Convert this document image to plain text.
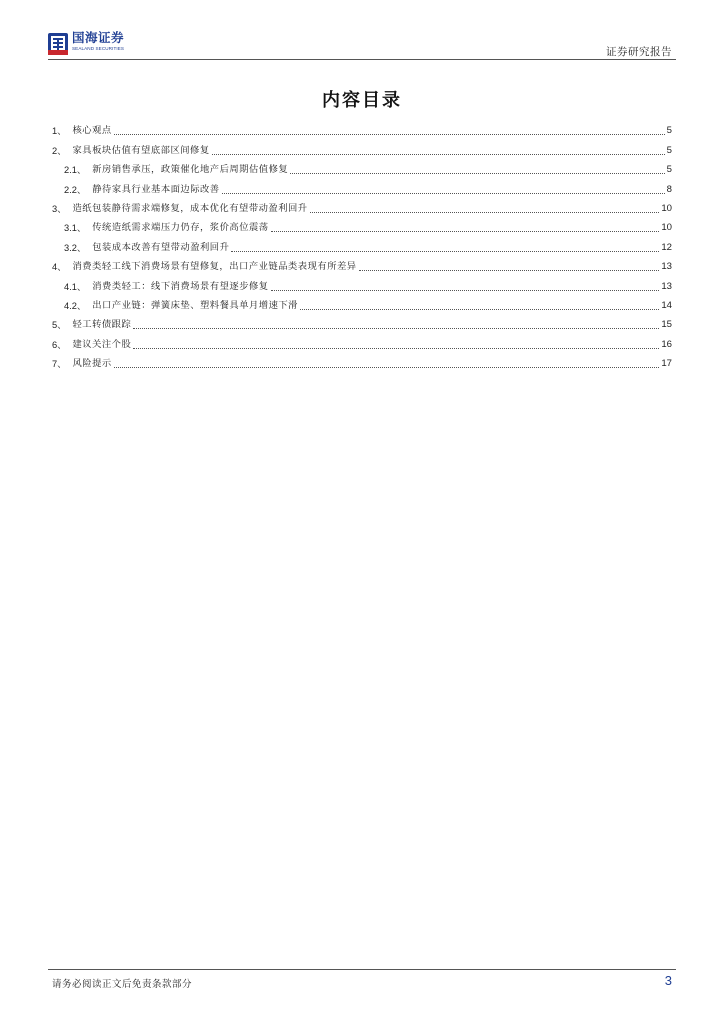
国海证券
SEALAND SECURITIES	证券研究报告
内容目录
1、 核心观点	5
2、 家具板块估值有望底部区间修复	5
2.1、 新房销售承压，政策催化地产后周期估值修复	5
2.2、 静待家具行业基本面边际改善	8
3、 造纸包装静待需求端修复，成本优化有望带动盈利回升	10
3.1、 传统造纸需求端压力仍存，浆价高位震荡	10
3.2、 包装成本改善有望带动盈利回升	12
4、 消费类轻工线下消费场景有望修复，出口产业链品类表现有所差异	13
4.1、 消费类轻工：线下消费场景有望逐步修复	13
4.2、 出口产业链：弹簧床垫、塑料餐具单月增速下滑	14
5、 轻工转债跟踪	15
6、 建议关注个股	16
7、 风险提示	17
请务必阅读正文后免责条款部分	3
